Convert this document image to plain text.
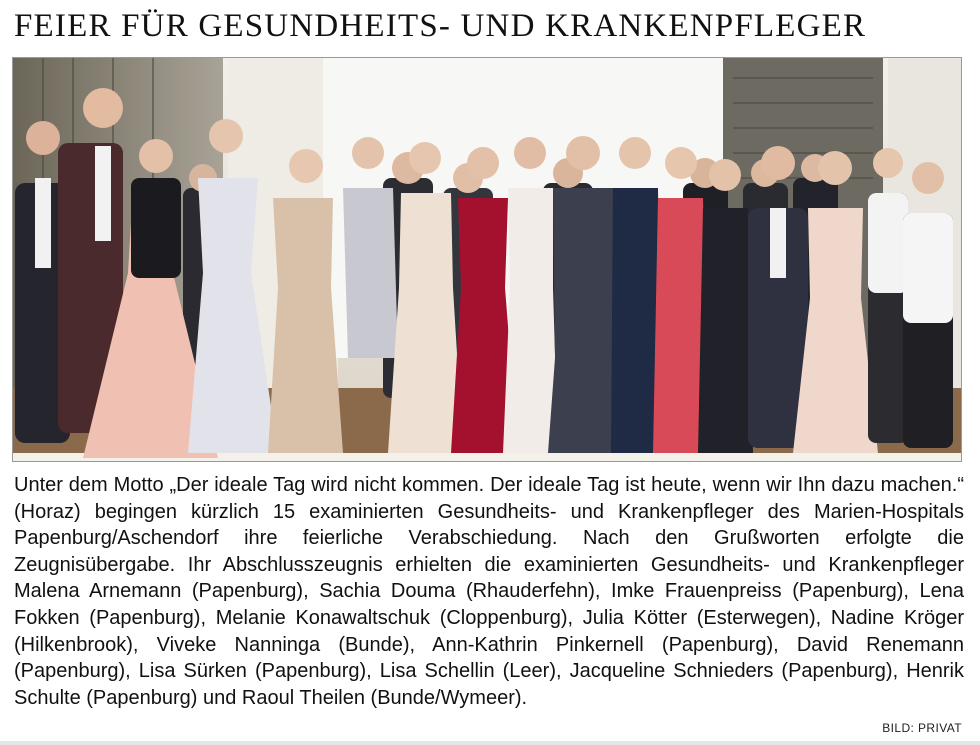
FEIER FÜR GESUNDHEITS- UND KRANKENPFLEGER

Unter dem Motto „Der ideale Tag wird nicht kommen. Der ideale Tag ist heute, wenn wir Ihn dazu machen.“ (Horaz) begingen kürzlich 15 examinierten Gesundheits- und Krankenpfleger des Marien-Hospitals Papenburg/Aschendorf ihre feierliche Verabschiedung. Nach den Grußworten erfolgte die Zeugnisübergabe. Ihr Abschlusszeugnis erhielten die examinierten Gesundheits- und Krankenpfleger Malena Arnemann (Papenburg), Sachia Douma (Rhauderfehn), Imke Frauenpreiss (Papenburg), Lena Fokken (Papenburg), Melanie Konawaltschuk (Cloppenburg), Julia Kötter (Esterwegen), Nadine Kröger (Hilkenbrook), Viveke Nanninga (Bunde), Ann-Kathrin Pinkernell (Papenburg), David Renemann (Papenburg), Lisa Sürken (Papenburg), Lisa Schellin (Leer), Jacqueline Schnieders (Papenburg), Henrik Schulte (Papenburg) und Raoul Theilen (Bunde/Wymeer).

BILD: PRIVAT
